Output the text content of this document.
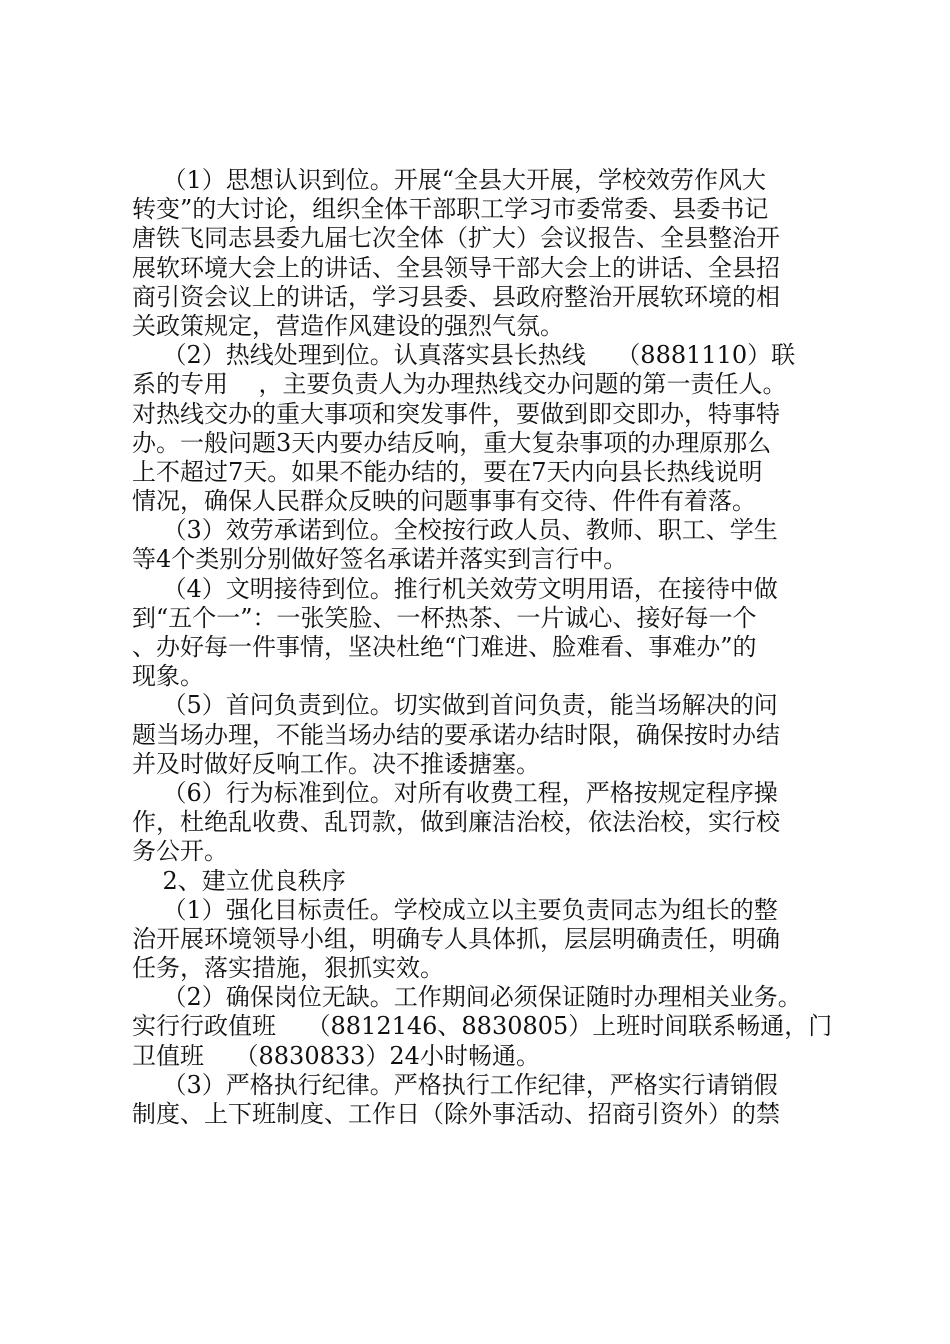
（1）思想认识到位。开展“全县大开展，学校效劳作风大
转变”的大讨论，组织全体干部职工学习市委常委、县委书记
唐铁飞同志县委九届七次全体（扩大）会议报告、全县整治开
展软环境大会上的讲话、全县领导干部大会上的讲话、全县招
商引资会议上的讲话，学习县委、县政府整治开展软环境的相
关政策规定，营造作风建设的强烈气氛。
（2）热线处理到位。认真落实县长热线    （8881110）联
系的专用    ，主要负责人为办理热线交办问题的第一责任人。
对热线交办的重大事项和突发事件，要做到即交即办，特事特
办。一般问题3天内要办结反响，重大复杂事项的办理原那么
上不超过7天。如果不能办结的，要在7天内向县长热线说明
情况，确保人民群众反映的问题事事有交待、件件有着落。
（3）效劳承诺到位。全校按行政人员、教师、职工、学生
等4个类别分别做好签名承诺并落实到言行中。
（4）文明接待到位。推行机关效劳文明用语，在接待中做
到“五个一”：一张笑脸、一杯热茶、一片诚心、接好每一个
、办好每一件事情，坚决杜绝“门难进、脸难看、事难办”的
现象。
（5）首问负责到位。切实做到首问负责，能当场解决的问
题当场办理，不能当场办结的要承诺办结时限，确保按时办结
并及时做好反响工作。决不推诿搪塞。
（6）行为标准到位。对所有收费工程，严格按规定程序操
作，杜绝乱收费、乱罚款，做到廉洁治校，依法治校，实行校
务公开。
2、建立优良秩序
（1）强化目标责任。学校成立以主要负责同志为组长的整
治开展环境领导小组，明确专人具体抓，层层明确责任，明确
任务，落实措施，狠抓实效。
（2）确保岗位无缺。工作期间必须保证随时办理相关业务。
实行行政值班    （8812146、8830805）上班时间联系畅通，门
卫值班    （8830833）24小时畅通。
（3）严格执行纪律。严格执行工作纪律，严格实行请销假
制度、上下班制度、工作日（除外事活动、招商引资外）的禁
